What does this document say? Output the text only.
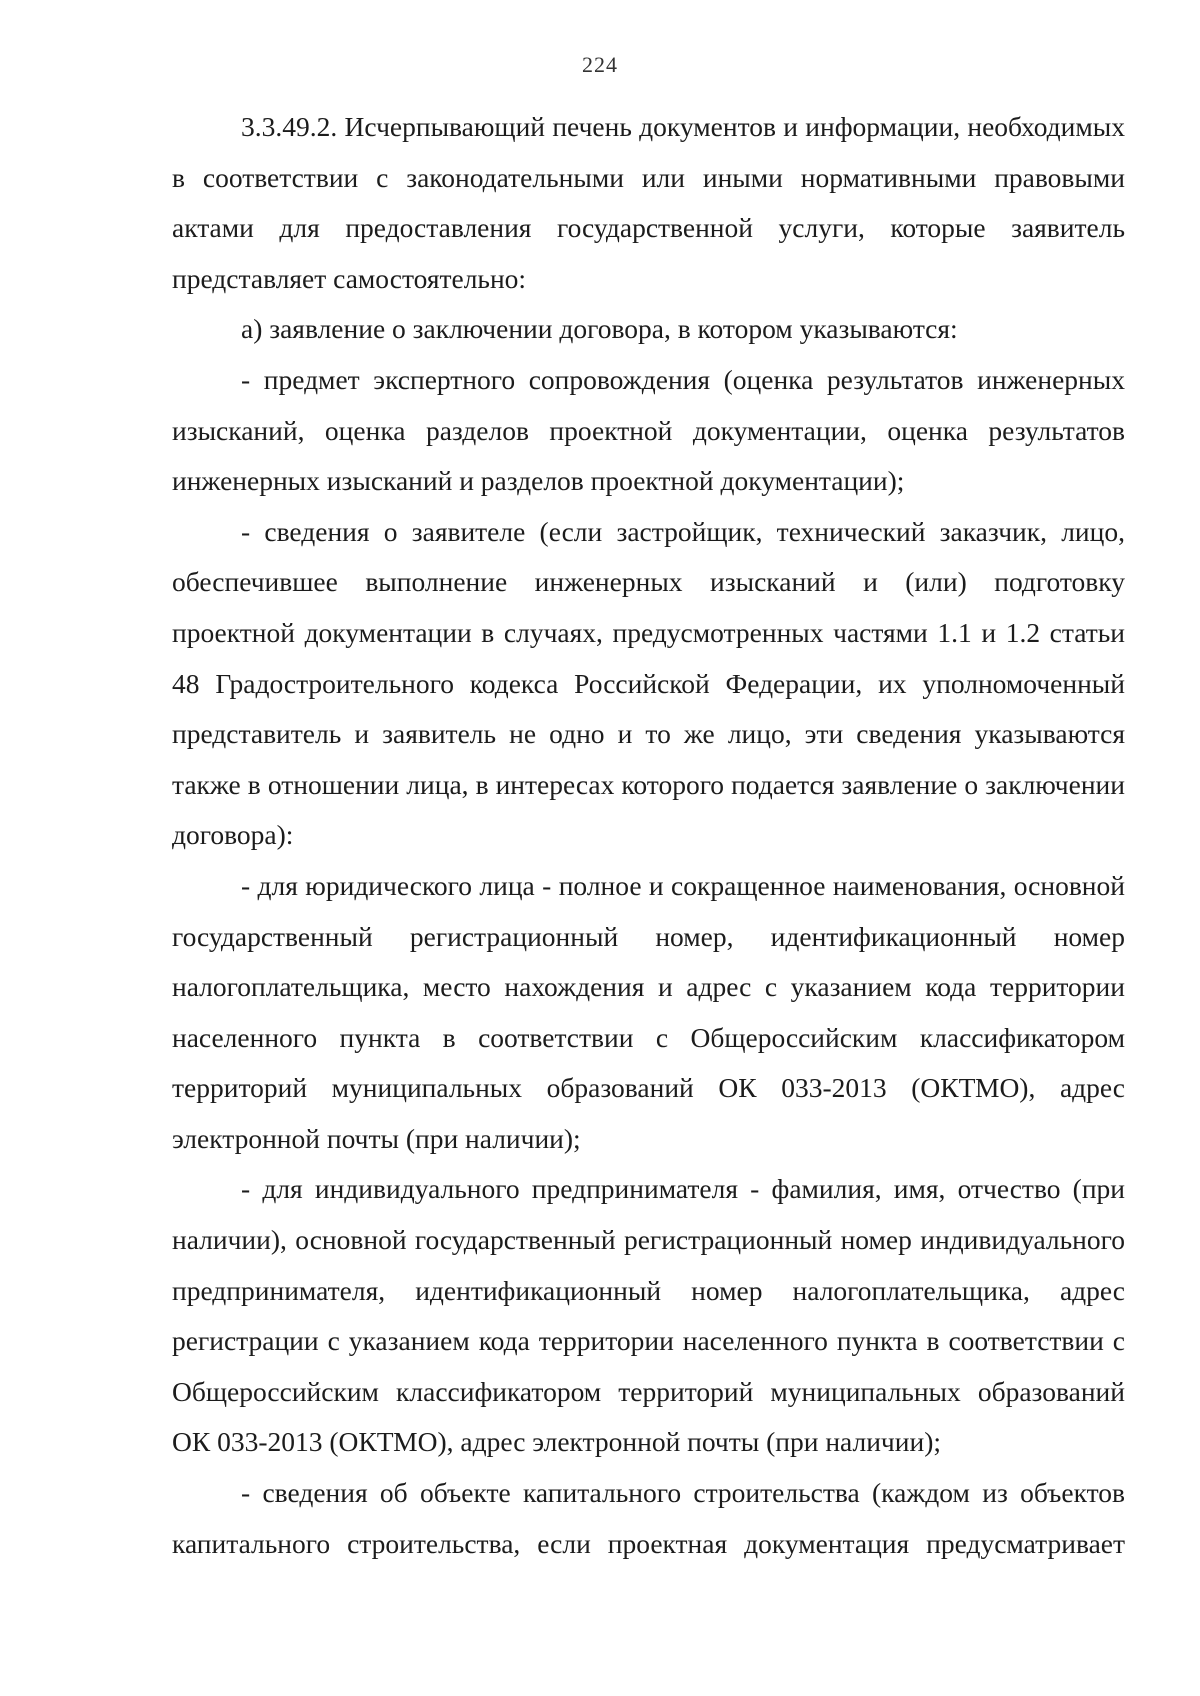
224

3.3.49.2. Исчерпывающий печень документов и информации, необходимых в соответствии с законодательными или иными нормативными правовыми актами для предоставления государственной услуги, которые заявитель представляет самостоятельно:

а) заявление о заключении договора, в котором указываются:

- предмет экспертного сопровождения (оценка результатов инженерных изысканий, оценка разделов проектной документации, оценка результатов инженерных изысканий и разделов проектной документации);

- сведения о заявителе (если застройщик, технический заказчик, лицо, обеспечившее выполнение инженерных изысканий и (или) подготовку проектной документации в случаях, предусмотренных частями 1.1 и 1.2 статьи 48 Градостроительного кодекса Российской Федерации, их уполномоченный представитель и заявитель не одно и то же лицо, эти сведения указываются также в отношении лица, в интересах которого подается заявление о заключении договора):

- для юридического лица - полное и сокращенное наименования, основной государственный регистрационный номер, идентификационный номер налогоплательщика, место нахождения и адрес с указанием кода территории населенного пункта в соответствии с Общероссийским классификатором территорий муниципальных образований ОК 033-2013 (ОКТМО), адрес электронной почты (при наличии);

- для индивидуального предпринимателя - фамилия, имя, отчество (при наличии), основной государственный регистрационный номер индивидуального предпринимателя, идентификационный номер налогоплательщика, адрес регистрации с указанием кода территории населенного пункта в соответствии с Общероссийским классификатором территорий муниципальных образований ОК 033-2013 (ОКТМО), адрес электронной почты (при наличии);

- сведения об объекте капитального строительства (каждом из объектов капитального строительства, если проектная документация предусматривает
